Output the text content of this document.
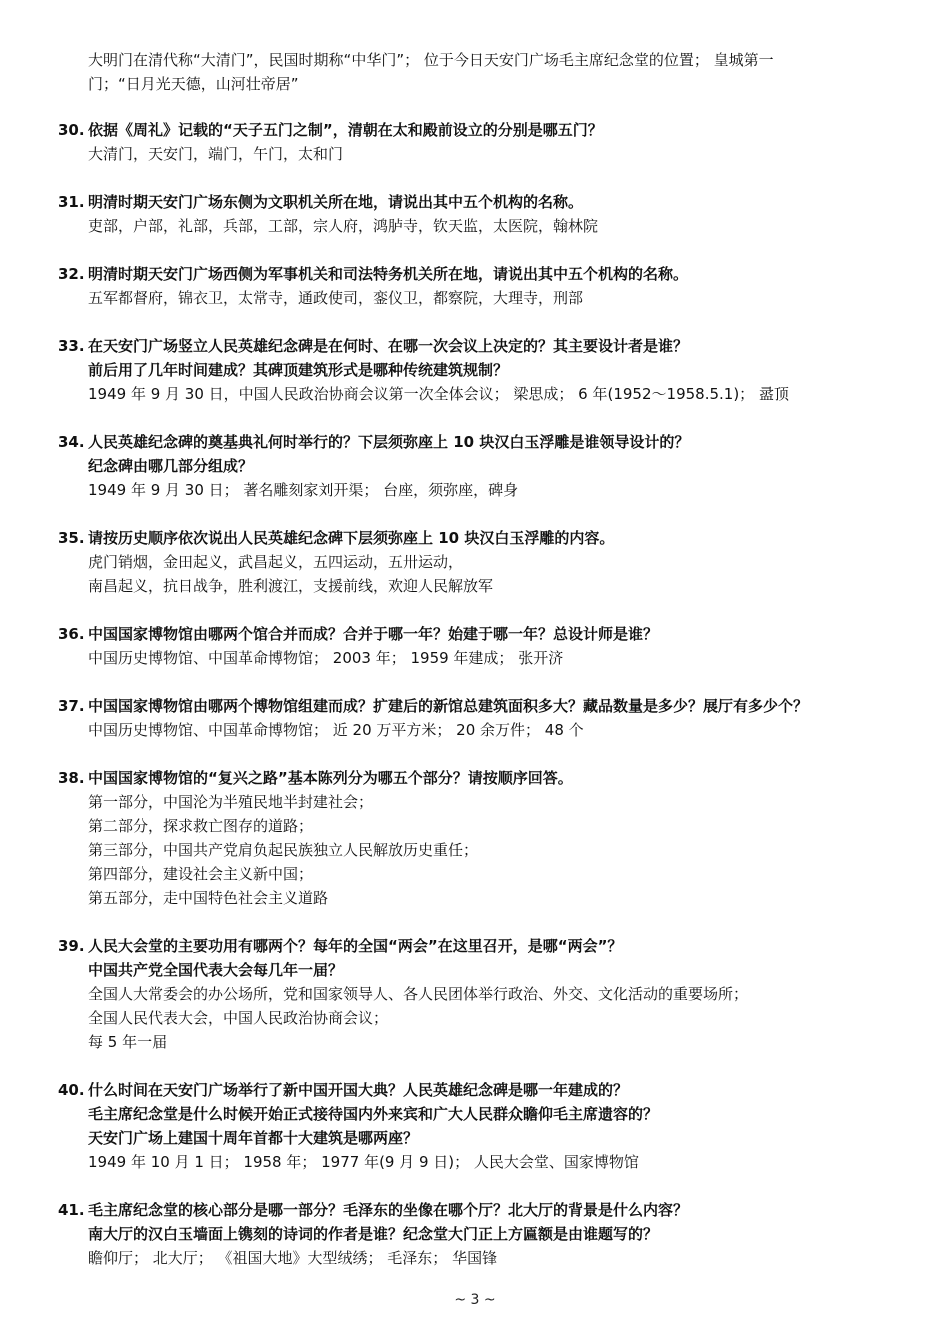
大明门在清代称“大清门”，民国时期称“中华门”； 位于今日天安门广场毛主席纪念堂的位置； 皇城第一
门；“日月光天德，山河壮帝居”
30. 依据《周礼》记载的“天子五门之制”，清朝在太和殿前设立的分别是哪五门？
大清门，天安门，端门，午门，太和门
31. 明清时期天安门广场东侧为文职机关所在地，请说出其中五个机构的名称。
吏部，户部，礼部，兵部，工部，宗人府，鸿胪寺，钦天监，太医院，翰林院
32. 明清时期天安门广场西侧为军事机关和司法特务机关所在地，请说出其中五个机构的名称。
五军都督府，锦衣卫，太常寺，通政使司，銮仪卫，都察院，大理寺，刑部
33. 在天安门广场竖立人民英雄纪念碑是在何时、在哪一次会议上决定的？其主要设计者是谁？
前后用了几年时间建成？其碑顶建筑形式是哪种传统建筑规制？
1949 年 9 月 30 日，中国人民政治协商会议第一次全体会议； 梁思成； 6 年(1952～1958.5.1)； 盝顶
34. 人民英雄纪念碑的奠基典礼何时举行的？下层须弥座上 10 块汉白玉浮雕是谁领导设计的？
纪念碑由哪几部分组成？
1949 年 9 月 30 日； 著名雕刻家刘开渠； 台座，须弥座，碑身
35. 请按历史顺序依次说出人民英雄纪念碑下层须弥座上 10 块汉白玉浮雕的内容。
虎门销烟，金田起义，武昌起义，五四运动，五卅运动，
南昌起义，抗日战争，胜利渡江，支援前线，欢迎人民解放军
36. 中国国家博物馆由哪两个馆合并而成？合并于哪一年？始建于哪一年？总设计师是谁？
中国历史博物馆、中国革命博物馆； 2003 年； 1959 年建成； 张开济
37. 中国国家博物馆由哪两个博物馆组建而成？扩建后的新馆总建筑面积多大？藏品数量是多少？展厅有多少个？
中国历史博物馆、中国革命博物馆； 近 20 万平方米； 20 余万件； 48 个
38. 中国国家博物馆的“复兴之路”基本陈列分为哪五个部分？请按顺序回答。
第一部分，中国沦为半殖民地半封建社会；
第二部分，探求救亡图存的道路；
第三部分，中国共产党肩负起民族独立人民解放历史重任；
第四部分，建设社会主义新中国；
第五部分，走中国特色社会主义道路
39. 人民大会堂的主要功用有哪两个？每年的全国“两会”在这里召开，是哪“两会”？
中国共产党全国代表大会每几年一届？
全国人大常委会的办公场所，党和国家领导人、各人民团体举行政治、外交、文化活动的重要场所；
全国人民代表大会，中国人民政治协商会议；
每 5 年一届
40. 什么时间在天安门广场举行了新中国开国大典？人民英雄纪念碑是哪一年建成的？
毛主席纪念堂是什么时候开始正式接待国内外来宾和广大人民群众瞻仰毛主席遗容的？
天安门广场上建国十周年首都十大建筑是哪两座？
1949 年 10 月 1 日； 1958 年； 1977 年(9 月 9 日)； 人民大会堂、国家博物馆
41. 毛主席纪念堂的核心部分是哪一部分？毛泽东的坐像在哪个厅？北大厅的背景是什么内容？
南大厅的汉白玉墙面上镌刻的诗词的作者是谁？纪念堂大门正上方匾额是由谁题写的？
瞻仰厅； 北大厅； 《祖国大地》大型绒绣； 毛泽东； 华国锋
~ 3 ~
